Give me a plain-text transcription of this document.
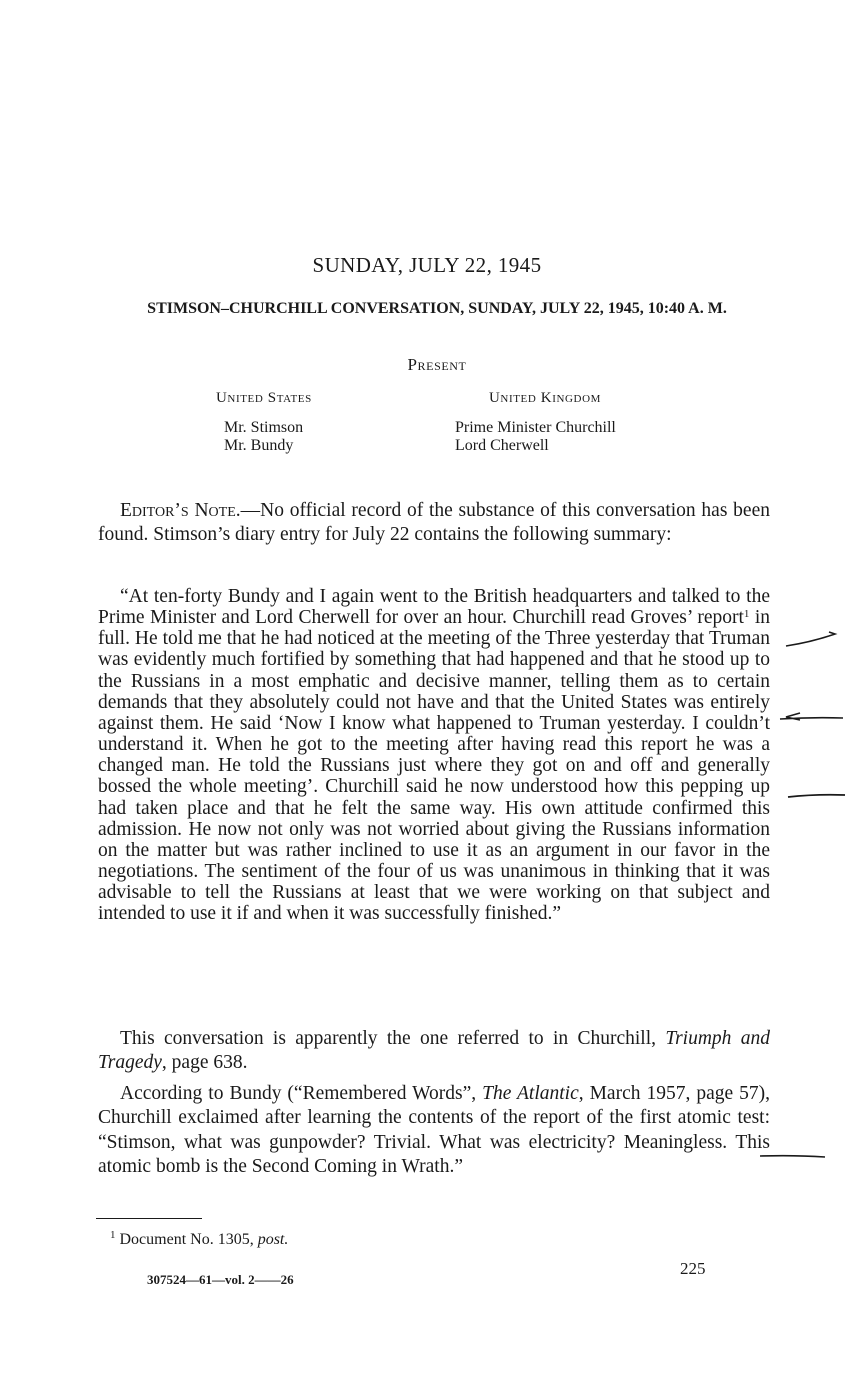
SUNDAY, JULY 22, 1945
STIMSON–CHURCHILL CONVERSATION, SUNDAY, JULY 22, 1945, 10:40 A. M.
Present
United States	United Kingdom
Mr. Stimson
Mr. Bundy
Prime Minister Churchill
Lord Cherwell
Editor’s Note.—No official record of the substance of this conversation has been found. Stimson’s diary entry for July 22 contains the following summary:
“At ten-forty Bundy and I again went to the British headquarters and talked to the Prime Minister and Lord Cherwell for over an hour. Churchill read Groves’ report$^1$ in full. He told me that he had noticed at the meeting of the Three yesterday that Truman was evidently much fortified by something that had happened and that he stood up to the Russians in a most emphatic and decisive manner, telling them as to certain demands that they absolutely could not have and that the United States was entirely against them. He said ‘Now I know what happened to Truman yesterday. I couldn’t understand it. When he got to the meeting after having read this report he was a changed man. He told the Russians just where they got on and off and generally bossed the whole meeting’. Churchill said he now understood how this pepping up had taken place and that he felt the same way. His own attitude confirmed this admission. He now not only was not worried about giving the Russians information on the matter but was rather inclined to use it as an argument in our favor in the negotiations. The sentiment of the four of us was unanimous in thinking that it was advisable to tell the Russians at least that we were working on that subject and intended to use it if and when it was successfully finished.”
This conversation is apparently the one referred to in Churchill, Triumph and Tragedy, page 638.
According to Bundy (“Remembered Words”, The Atlantic, March 1957, page 57), Churchill exclaimed after learning the contents of the report of the first atomic test: “Stimson, what was gunpowder? Trivial. What was electricity? Meaningless. This atomic bomb is the Second Coming in Wrath.”
$^1$ Document No. 1305, post.
225
307524—61—vol. 2——26
